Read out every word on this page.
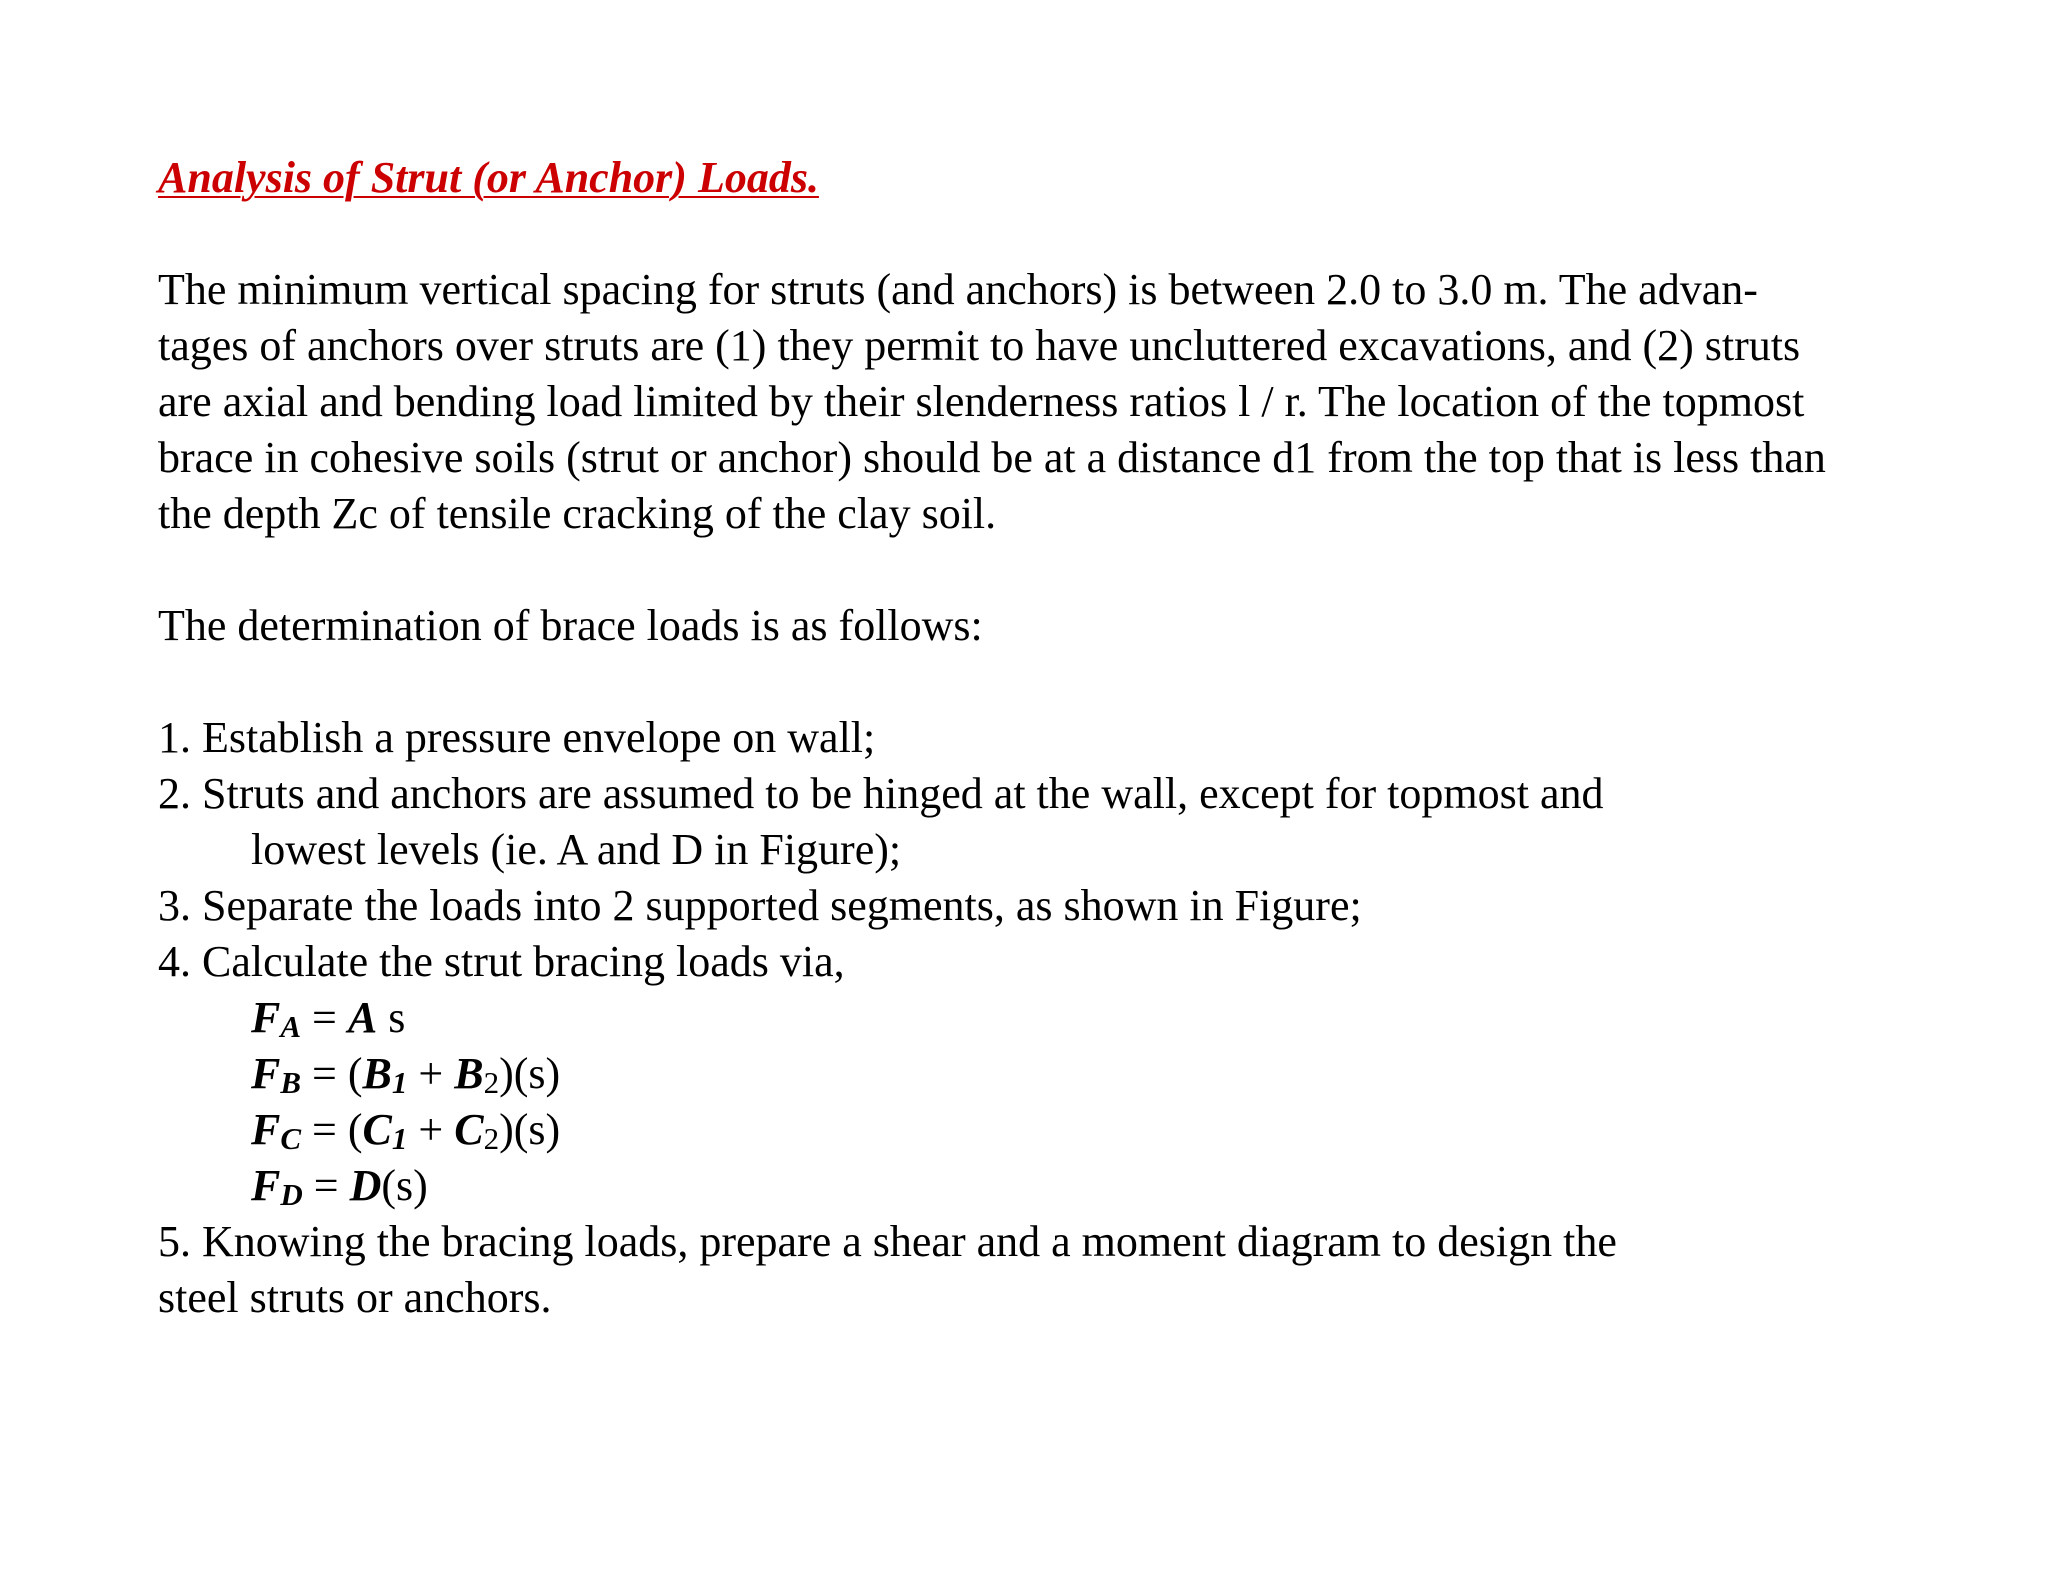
Analysis of Strut (or Anchor) Loads.
The minimum vertical spacing for struts (and anchors) is between 2.0 to 3.0 m. The advan-
tages of anchors over struts are (1) they permit to have uncluttered excavations, and (2) struts
are axial and bending load limited by their slenderness ratios l / r. The location of the topmost
brace in cohesive soils (strut or anchor) should be at a distance d1 from the top that is less than
the depth Zc of tensile cracking of the clay soil.
The determination of brace loads is as follows:
1. Establish a pressure envelope on wall;
2. Struts and anchors are assumed to be hinged at the wall, except for topmost and
lowest levels (ie. A and D in Figure);
3. Separate the loads into 2 supported segments, as shown in Figure;
4. Calculate the strut bracing loads via,
FA = A s
FB = (B1 + B2)(s)
FC = (C1 + C2)(s)
FD = D(s)
5. Knowing the bracing loads, prepare a shear and a moment diagram to design the
steel struts or anchors.
